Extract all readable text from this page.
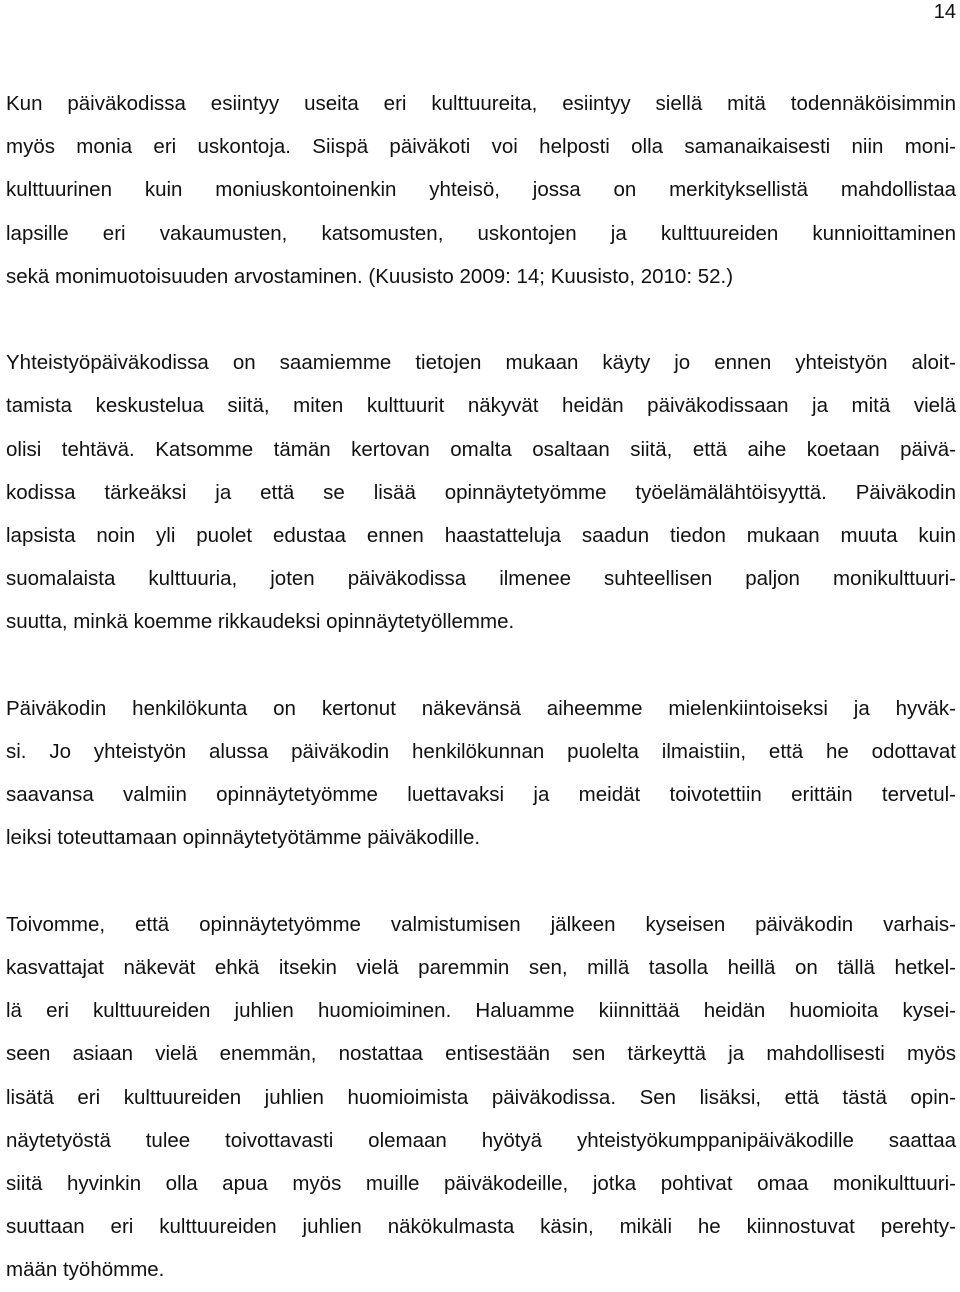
14

Kun päiväkodissa esiintyy useita eri kulttuureita, esiintyy siellä mitä todennäköisimmin
myös monia eri uskontoja. Siispä päiväkoti voi helposti olla samanaikaisesti niin moni-
kulttuurinen kuin moniuskontoinenkin yhteisö, jossa on merkityksellistä mahdollistaa
lapsille eri vakaumusten, katsomusten, uskontojen ja kulttuureiden kunnioittaminen
sekä monimuotoisuuden arvostaminen. (Kuusisto 2009: 14; Kuusisto, 2010: 52.)

Yhteistyöpäiväkodissa on saamiemme tietojen mukaan käyty jo ennen yhteistyön aloit-
tamista keskustelua siitä, miten kulttuurit näkyvät heidän päiväkodissaan ja mitä vielä
olisi tehtävä. Katsomme tämän kertovan omalta osaltaan siitä, että aihe koetaan päivä-
kodissa tärkeäksi ja että se lisää opinnäytetyömme työelämälähtöisyyttä. Päiväkodin
lapsista noin yli puolet edustaa ennen haastatteluja saadun tiedon mukaan muuta kuin
suomalaista kulttuuria, joten päiväkodissa ilmenee suhteellisen paljon monikulttuuri-
suutta, minkä koemme rikkaudeksi opinnäytetyöllemme.

Päiväkodin henkilökunta on kertonut näkevänsä aiheemme mielenkiintoiseksi ja hyväk-
si. Jo yhteistyön alussa päiväkodin henkilökunnan puolelta ilmaistiin, että he odottavat
saavansa valmiin opinnäytetyömme luettavaksi ja meidät toivotettiin erittäin tervetul-
leiksi toteuttamaan opinnäytetyötämme päiväkodille.

Toivomme, että opinnäytetyömme valmistumisen jälkeen kyseisen päiväkodin varhais-
kasvattajat näkevät ehkä itsekin vielä paremmin sen, millä tasolla heillä on tällä hetkel-
lä eri kulttuureiden juhlien huomioiminen. Haluamme kiinnittää heidän huomioita kysei-
seen asiaan vielä enemmän, nostattaa entisestään sen tärkeyttä ja mahdollisesti myös
lisätä eri kulttuureiden juhlien huomioimista päiväkodissa. Sen lisäksi, että tästä opin-
näytetyöstä tulee toivottavasti olemaan hyötyä yhteistyökumppanipäiväkodille saattaa
siitä hyvinkin olla apua myös muille päiväkodeille, jotka pohtivat omaa monikulttuuri-
suuttaan eri kulttuureiden juhlien näkökulmasta käsin, mikäli he kiinnostuvat perehty-
mään työhömme.
